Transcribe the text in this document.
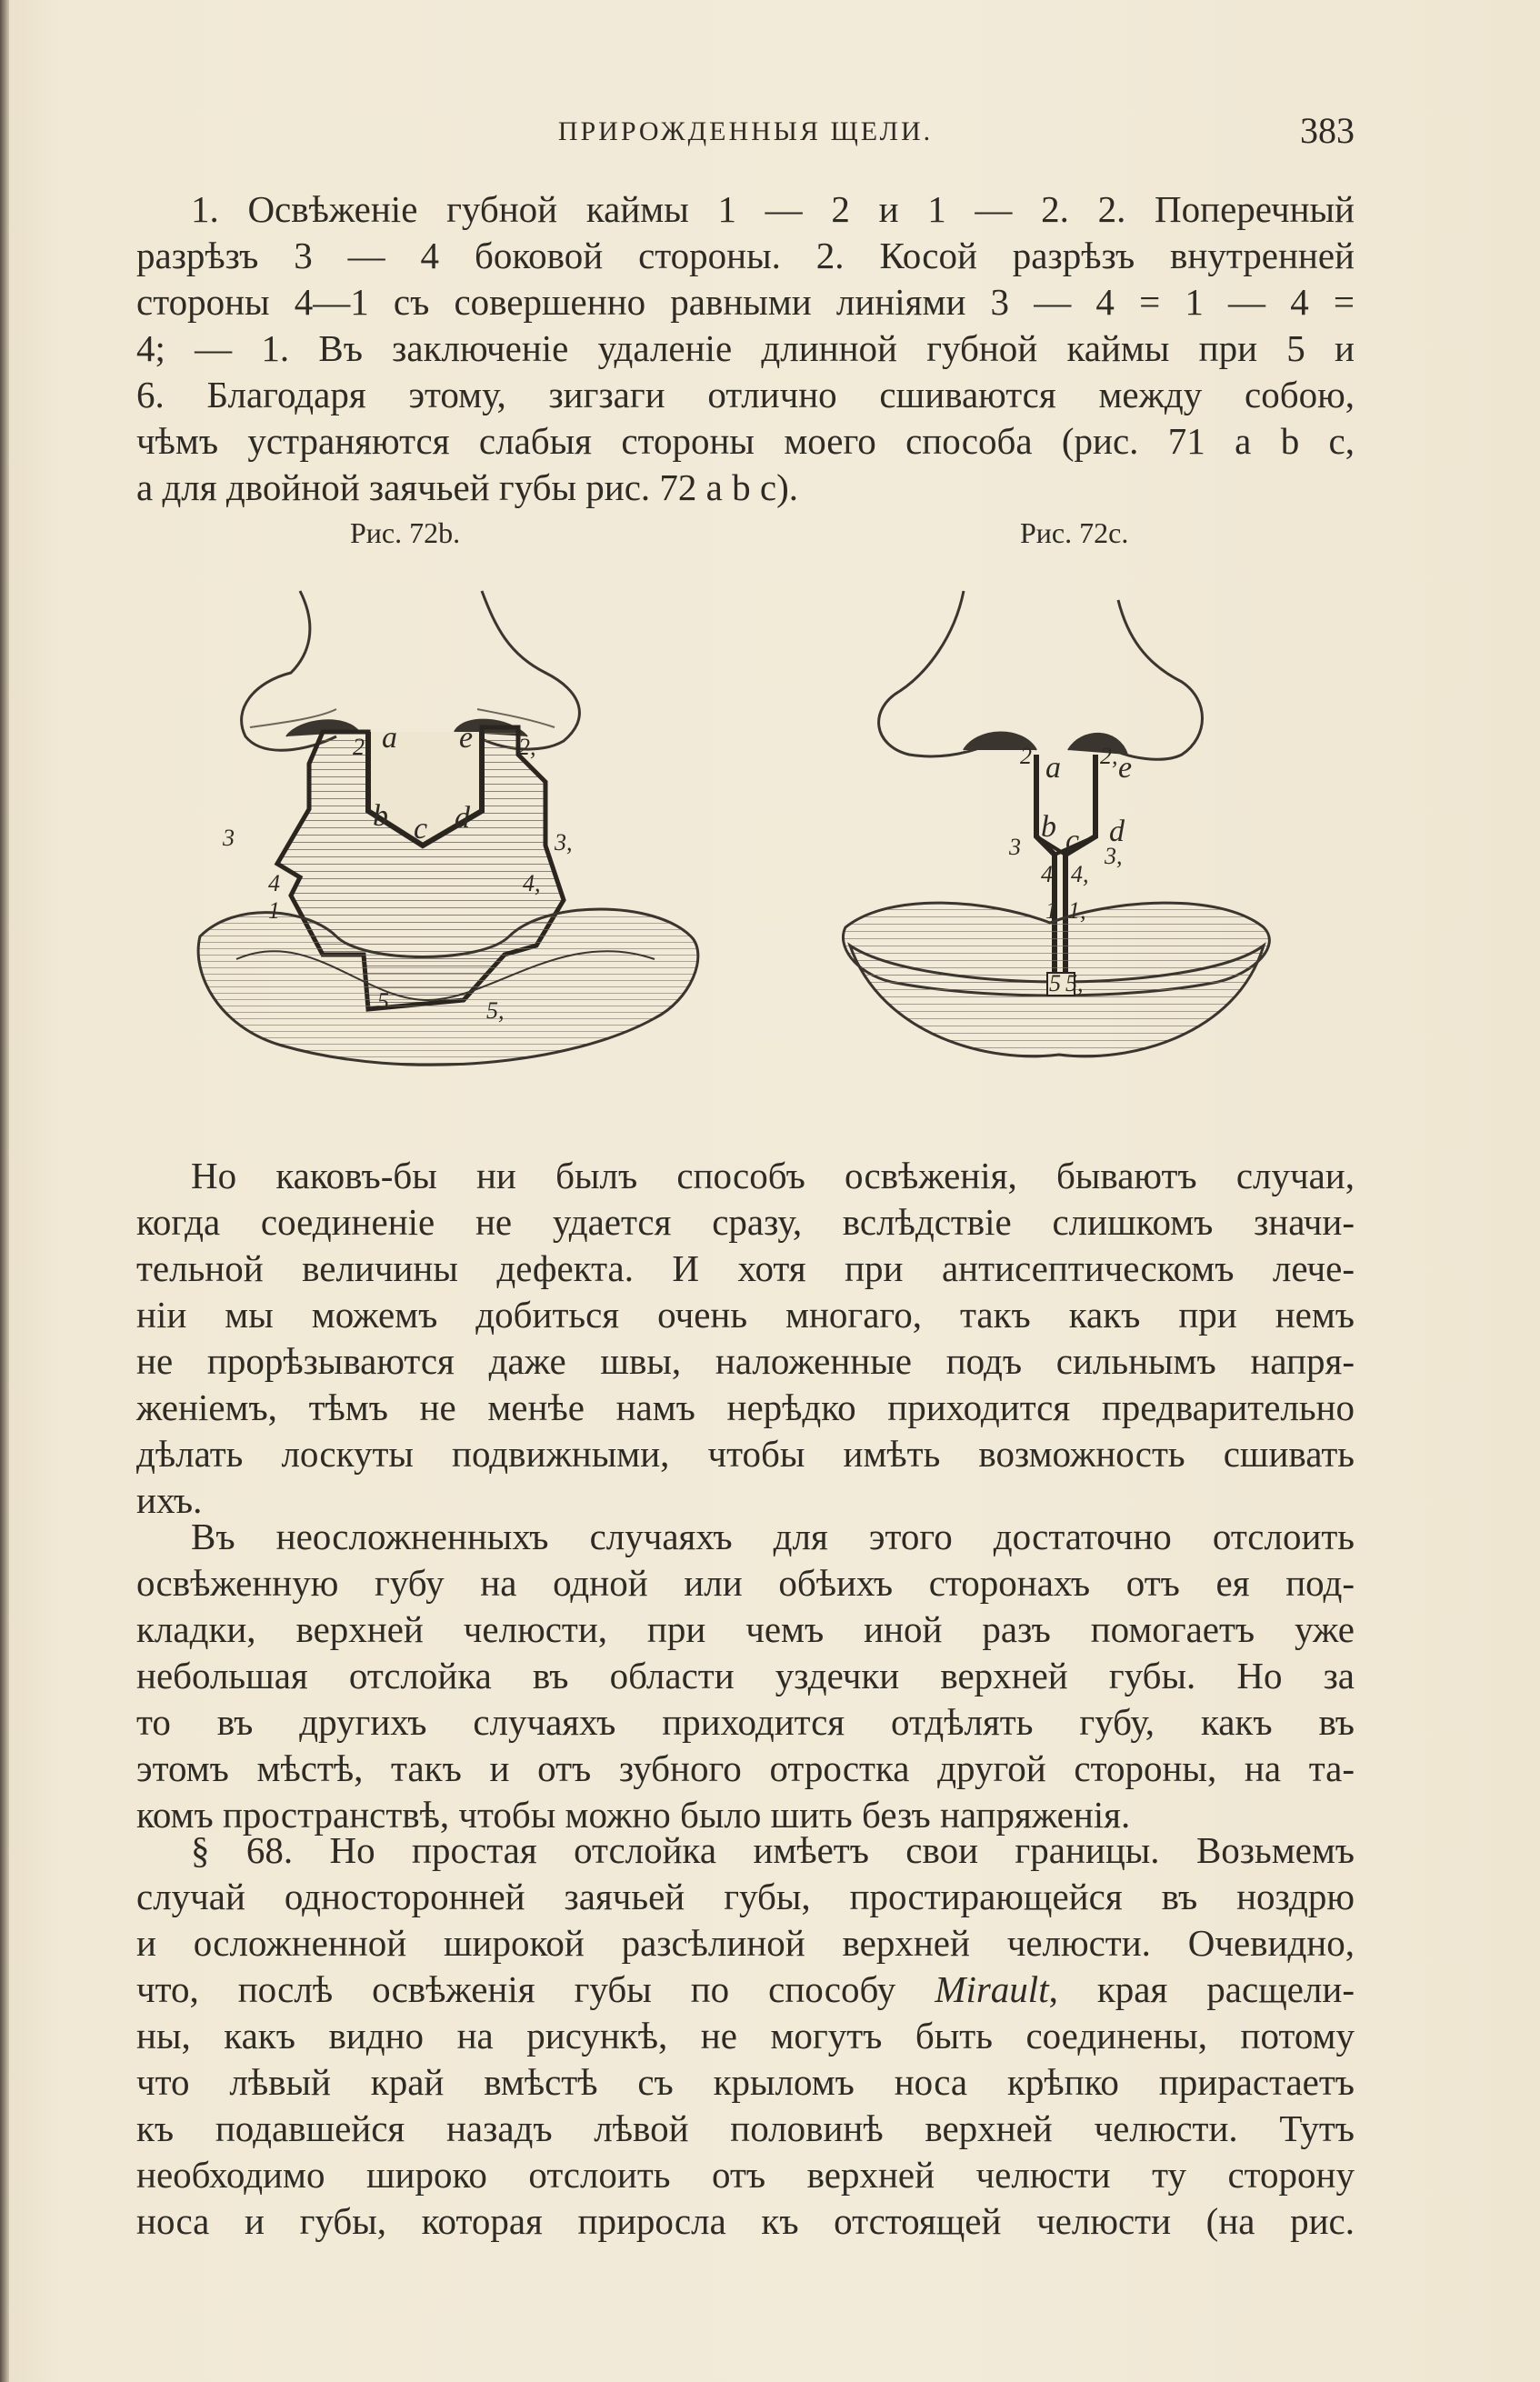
ПРИРОЖДЕННЫЯ ЩЕЛИ.	383
1. Освѣженіе губной каймы 1 — 2 и 1 — 2. 2. Поперечный
разрѣзъ 3 — 4 боковой стороны. 2. Косой разрѣзъ внутренней
стороны 4—1 съ совершенно равными линіями 3 — 4 = 1 — 4 =
4; — 1. Въ заключеніе удаленіе длинной губной каймы при 5 и
6. Благодаря этому, зигзаги отлично сшиваются между собою,
чѣмъ устраняются слабыя стороны моего способа (рис. 71 а b с,
а для двойной заячьей губы рис. 72 а b с).
Рис. 72b.	Рис. 72c.
a e
b c d
2	2,
3	3,
4	4,
1
5	5,
a e
b c d
2	2,
3	3,
4 4,
1 1,
5 5,
Но каковъ-бы ни былъ способъ освѣженія, бываютъ случаи,
когда соединеніе не удается сразу, вслѣдствіе слишкомъ значи-
тельной величины дефекта. И хотя при антисептическомъ лече-
ніи мы можемъ добиться очень многаго, такъ какъ при немъ
не прорѣзываются даже швы, наложенные подъ сильнымъ напря-
женіемъ, тѣмъ не менѣе намъ нерѣдко приходится предварительно
дѣлать лоскуты подвижными, чтобы имѣть возможность сшивать
ихъ.
Въ неосложненныхъ случаяхъ для этого достаточно отслоить
освѣженную губу на одной или обѣихъ сторонахъ отъ ея под-
кладки, верхней челюсти, при чемъ иной разъ помогаетъ уже
небольшая отслойка въ области уздечки верхней губы. Но за
то въ другихъ случаяхъ приходится отдѣлять губу, какъ въ
этомъ мѣстѣ, такъ и отъ зубного отростка другой стороны, на та-
комъ пространствѣ, чтобы можно было шить безъ напряженія.
§ 68. Но простая отслойка имѣетъ свои границы. Возьмемъ
случай односторонней заячьей губы, простирающейся въ ноздрю
и осложненной широкой разсѣлиной верхней челюсти. Очевидно,
что, послѣ освѣженія губы по способу Mirault, края расщели-
ны, какъ видно на рисункѣ, не могутъ быть соединены, потому
что лѣвый край вмѣстѣ съ крыломъ носа крѣпко прирастаетъ
къ подавшейся назадъ лѣвой половинѣ верхней челюсти. Тутъ
необходимо широко отслоить отъ верхней челюсти ту сторону
носа и губы, которая приросла къ отстоящей челюсти (на рис.
